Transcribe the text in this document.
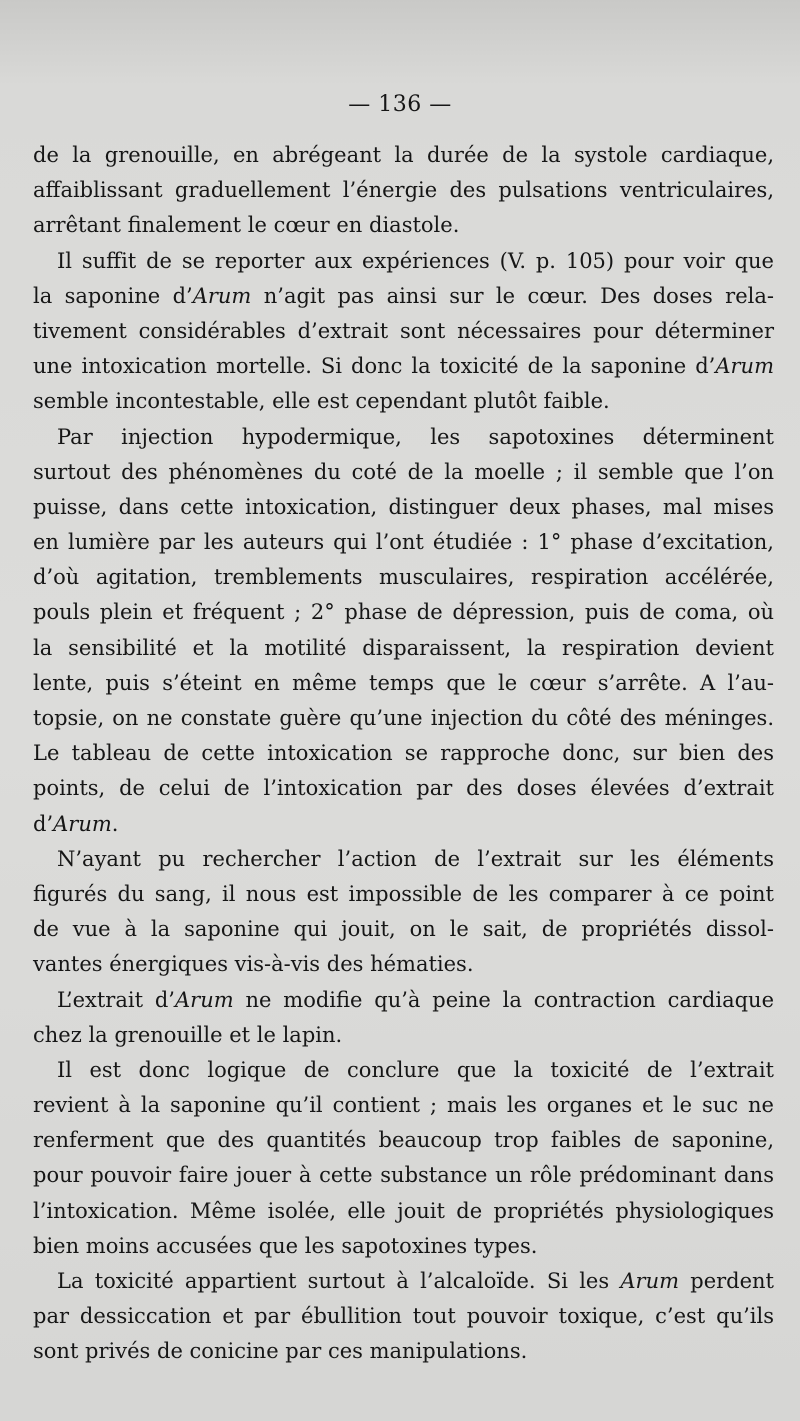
— 136 —
de la grenouille, en abrégeant la durée de la systole cardiaque,
affaiblissant graduellement l’énergie des pulsations ventriculaires,
arrêtant finalement le cœur en diastole.
Il suffit de se reporter aux expériences (V. p. 105) pour voir que
la saponine d’Arum n’agit pas ainsi sur le cœur. Des doses rela-
tivement considérables d’extrait sont nécessaires pour déterminer
une intoxication mortelle. Si donc la toxicité de la saponine d’Arum
semble incontestable, elle est cependant plutôt faible.
Par injection hypodermique, les sapotoxines déterminent
surtout des phénomènes du coté de la moelle ; il semble que l’on
puisse, dans cette intoxication, distinguer deux phases, mal mises
en lumière par les auteurs qui l’ont étudiée : 1° phase d’excitation,
d’où agitation, tremblements musculaires, respiration accélérée,
pouls plein et fréquent ; 2° phase de dépression, puis de coma, où
la sensibilité et la motilité disparaissent, la respiration devient
lente, puis s’éteint en même temps que le cœur s’arrête. A l’au-
topsie, on ne constate guère qu’une injection du côté des méninges.
Le tableau de cette intoxication se rapproche donc, sur bien des
points, de celui de l’intoxication par des doses élevées d’extrait
d’Arum.
N’ayant pu rechercher l’action de l’extrait sur les éléments
figurés du sang, il nous est impossible de les comparer à ce point
de vue à la saponine qui jouit, on le sait, de propriétés dissol-
vantes énergiques vis-à-vis des hématies.
L’extrait d’Arum ne modifie qu’à peine la contraction cardiaque
chez la grenouille et le lapin.
Il est donc logique de conclure que la toxicité de l’extrait
revient à la saponine qu’il contient ; mais les organes et le suc ne
renferment que des quantités beaucoup trop faibles de saponine,
pour pouvoir faire jouer à cette substance un rôle prédominant dans
l’intoxication. Même isolée, elle jouit de propriétés physiologiques
bien moins accusées que les sapotoxines types.
La toxicité appartient surtout à l’alcaloïde. Si les Arum perdent
par dessiccation et par ébullition tout pouvoir toxique, c’est qu’ils
sont privés de conicine par ces manipulations.
